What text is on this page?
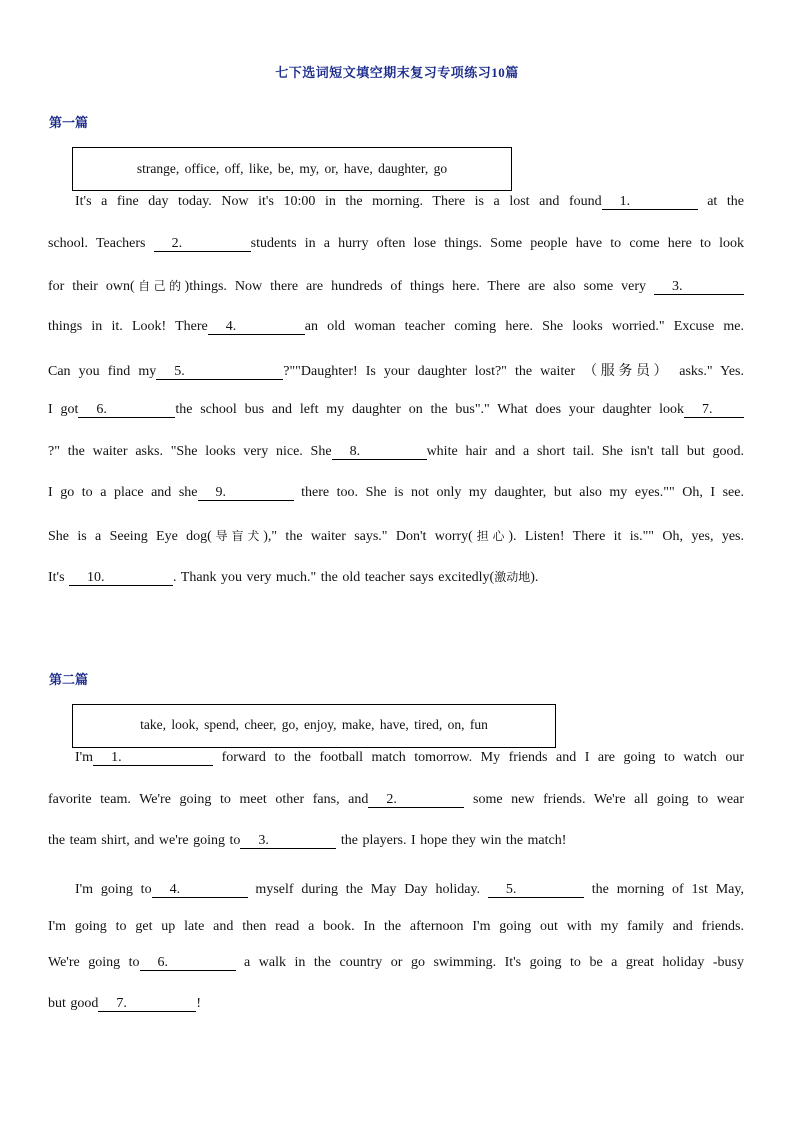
七下选词短文填空期末复习专项练习10篇
第一篇
strange, office, off, like, be, my, or, have, daughter, go
It's a fine day today. Now it's 10:00 in the morning. There is a lost and found 1.	at the
school. Teachers 2.	students in a hurry often lose things. Some people have to come here to look
for their own(自己的)things. Now there are hundreds of things here. There are also some very 3.
things in it. Look! There 4.	an old woman teacher coming here. She looks worried." Excuse me.
Can you find my 5.	?""Daughter! Is your daughter lost?" the waiter （服务员） asks." Yes.
I got 6.	the school bus and left my daughter on the bus"." What does your daughter look 7.
?" the waiter asks. "She looks very nice. She 8.	white hair and a short tail. She isn't tall but good.
I go to a place and she 9.	there too. She is not only my daughter, but also my eyes."" Oh, I see.
She is a Seeing Eye dog(导盲犬)," the waiter says." Don't worry(担心). Listen! There it is."" Oh, yes, yes.
It's 10.	. Thank you very much." the old teacher says excitedly(激动地).
第二篇
take, look, spend, cheer, go, enjoy, make, have, tired, on, fun
I'm 1.	forward to the football match tomorrow. My friends and I are going to watch our
favorite team. We're going to meet other fans, and 2.	some new friends. We're all going to wear
the team shirt, and we're going to 3.	the players. I hope they win the match!
I'm going to 4.	myself during the May Day holiday. 5.	the morning of 1st May,
I'm going to get up late and then read a book. In the afternoon I'm going out with my family and friends.
We're going to 6.	a walk in the country or go swimming. It's going to be a great holiday -busy
but good 7.	!
